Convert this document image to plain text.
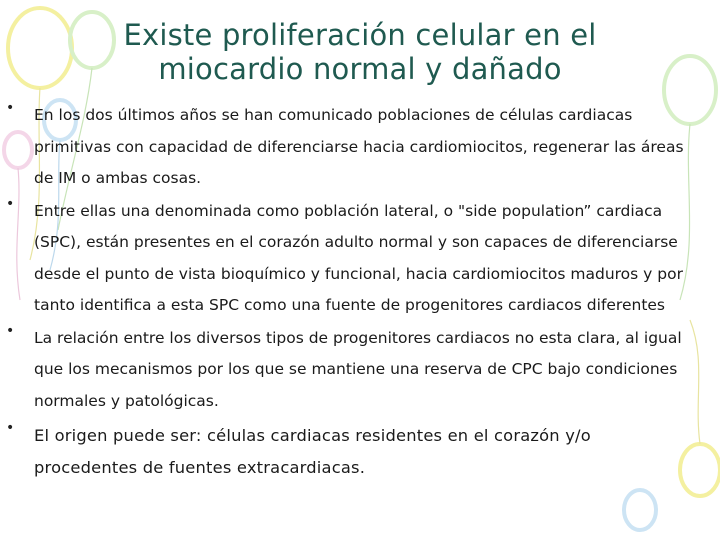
Existe proliferación celular en el
miocardio normal y dañado
• En los dos últimos años se han comunicado poblaciones de células cardiacas
primitivas con capacidad de diferenciarse hacia cardiomiocitos, regenerar las áreas
de IM o ambas cosas.
• Entre ellas una denominada como población lateral, o "side population” cardiaca
(SPC), están presentes en el corazón adulto normal y son capaces de diferenciarse
desde el punto de vista bioquímico y funcional, hacia cardiomiocitos maduros y por
tanto identifica a esta SPC como una fuente de progenitores cardiacos diferentes
• La relación entre los diversos tipos de progenitores cardiacos no esta clara, al igual
que los mecanismos por los que se mantiene una reserva de CPC bajo condiciones
normales y patológicas.
• El origen puede ser: células cardiacas residentes en el corazón y/o
procedentes de fuentes extracardiacas.
